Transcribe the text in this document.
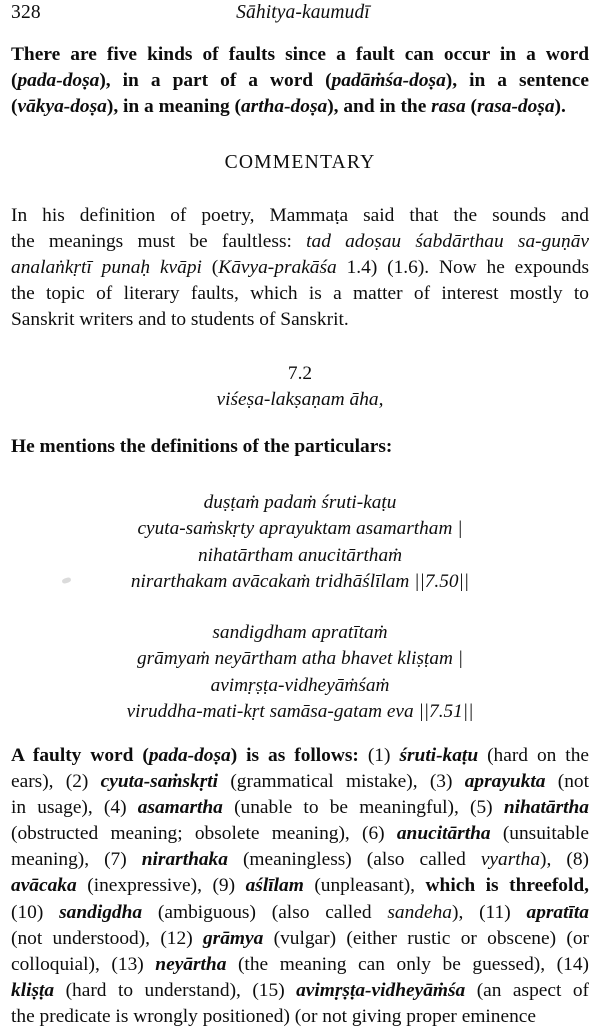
328	Sāhitya-kaumudī
There are five kinds of faults since a fault can occur in a word
(pada-doṣa), in a part of a word (padāṁśa-doṣa), in a sentence
(vākya-doṣa), in a meaning (artha-doṣa), and in the rasa (rasa-doṣa).
COMMENTARY
In his definition of poetry, Mammaṭa said that the sounds and
the meanings must be faultless: tad adoṣau śabdārthau sa-guṇāv
analaṅkṛtī punaḥ kvāpi (Kāvya-prakāśa 1.4) (1.6). Now he expounds
the topic of literary faults, which is a matter of interest mostly to
Sanskrit writers and to students of Sanskrit.
7.2
viśeṣa-lakṣaṇam āha,
He mentions the definitions of the particulars:
duṣṭaṁ padaṁ śruti-kaṭu
cyuta-saṁskṛty aprayuktam asamartham |
nihatārtham anucitārthaṁ
nirarthakam avācakaṁ tridhāślīlam ||7.50||
sandigdham apratītaṁ
grāmyaṁ neyārtham atha bhavet kliṣṭam |
avimṛṣṭa-vidheyāṁśaṁ
viruddha-mati-kṛt samāsa-gatam eva ||7.51||
A faulty word (pada-doṣa) is as follows: (1) śruti-kaṭu (hard on the
ears), (2) cyuta-saṁskṛti (grammatical mistake), (3) aprayukta (not
in usage), (4) asamartha (unable to be meaningful), (5) nihatārtha
(obstructed meaning; obsolete meaning), (6) anucitārtha (unsuitable
meaning), (7) nirarthaka (meaningless) (also called vyartha), (8)
avācaka (inexpressive), (9) aślīlam (unpleasant), which is threefold,
(10) sandigdha (ambiguous) (also called sandeha), (11) apratīta
(not understood), (12) grāmya (vulgar) (either rustic or obscene) (or
colloquial), (13) neyārtha (the meaning can only be guessed), (14)
kliṣṭa (hard to understand), (15) avimṛṣṭa-vidheyāṁśa (an aspect of
the predicate is wrongly positioned) (or not giving proper eminence
